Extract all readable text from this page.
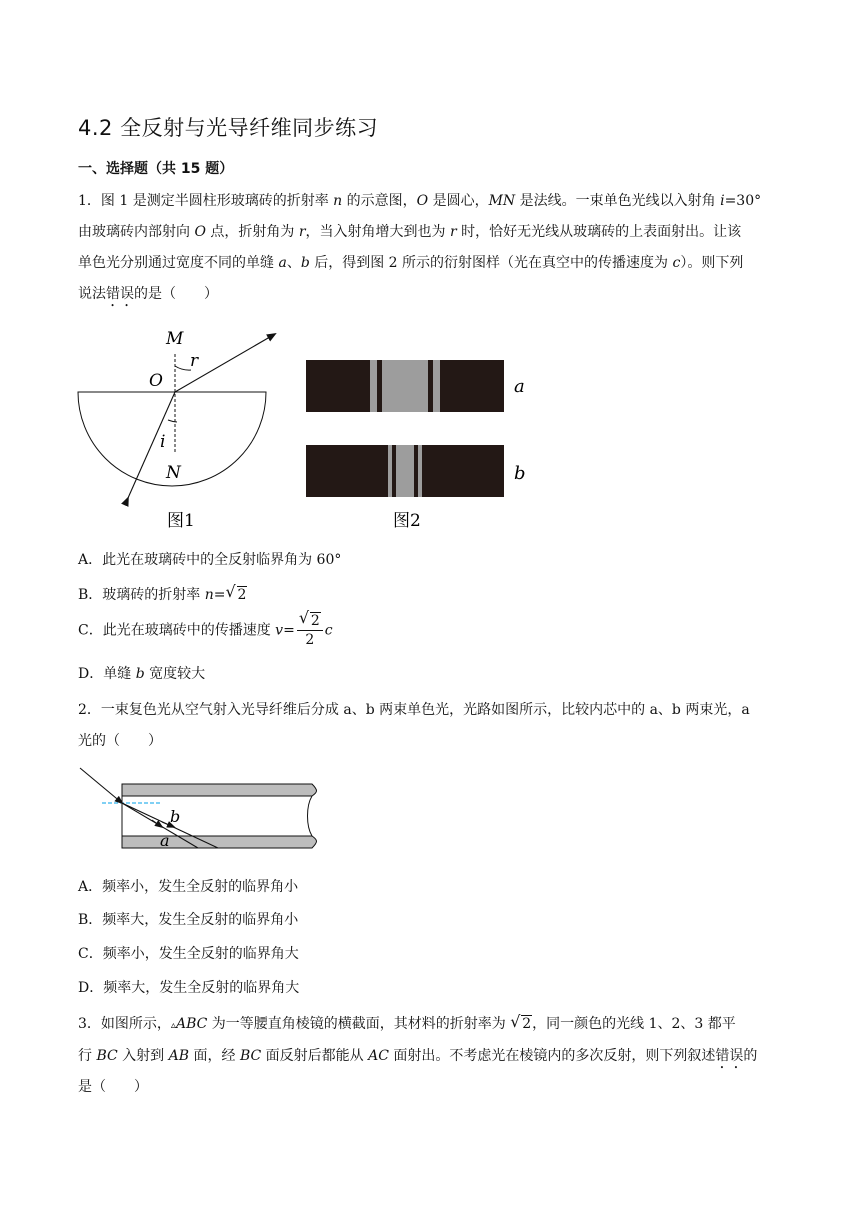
4.2 全反射与光导纤维同步练习
一、选择题（共 15 题）
1．图 1 是测定半圆柱形玻璃砖的折射率 n 的示意图，O 是圆心，MN 是法线。一束单色光线以入射角 i=30°
由玻璃砖内部射向 O 点，折射角为 r，当入射角增大到也为 r 时，恰好无光线从玻璃砖的上表面射出。让该
单色光分别通过宽度不同的单缝 a、b 后，得到图 2 所示的衍射图样（光在真空中的传播速度为 c）。则下列
说法错误的是（　　）
M
r
O
i
N
图1
a
b
图2
A．此光在玻璃砖中的全反射临界角为 60°
B．玻璃砖的折射率 n= √ 2
C．此光在玻璃砖中的传播速度 $v= \frac{√ 2}{2}$ c
D．单缝 b 宽度较大
2．一束复色光从空气射入光导纤维后分成 a、b 两束单色光，光路如图所示，比较内芯中的 a、b 两束光，a
光的（　　）
b
a
A．频率小，发生全反射的临界角小
B．频率大，发生全反射的临界角小
C．频率小，发生全反射的临界角大
D．频率大，发生全反射的临界角大
3．如图所示，▵ABC 为一等腰直角棱镜的横截面，其材料的折射率为 √ 2，同一颜色的光线 1、2、3 都平
行 BC 入射到 AB 面，经 BC 面反射后都能从 AC 面射出。不考虑光在棱镜内的多次反射，则下列叙述错误的
是（　　）
